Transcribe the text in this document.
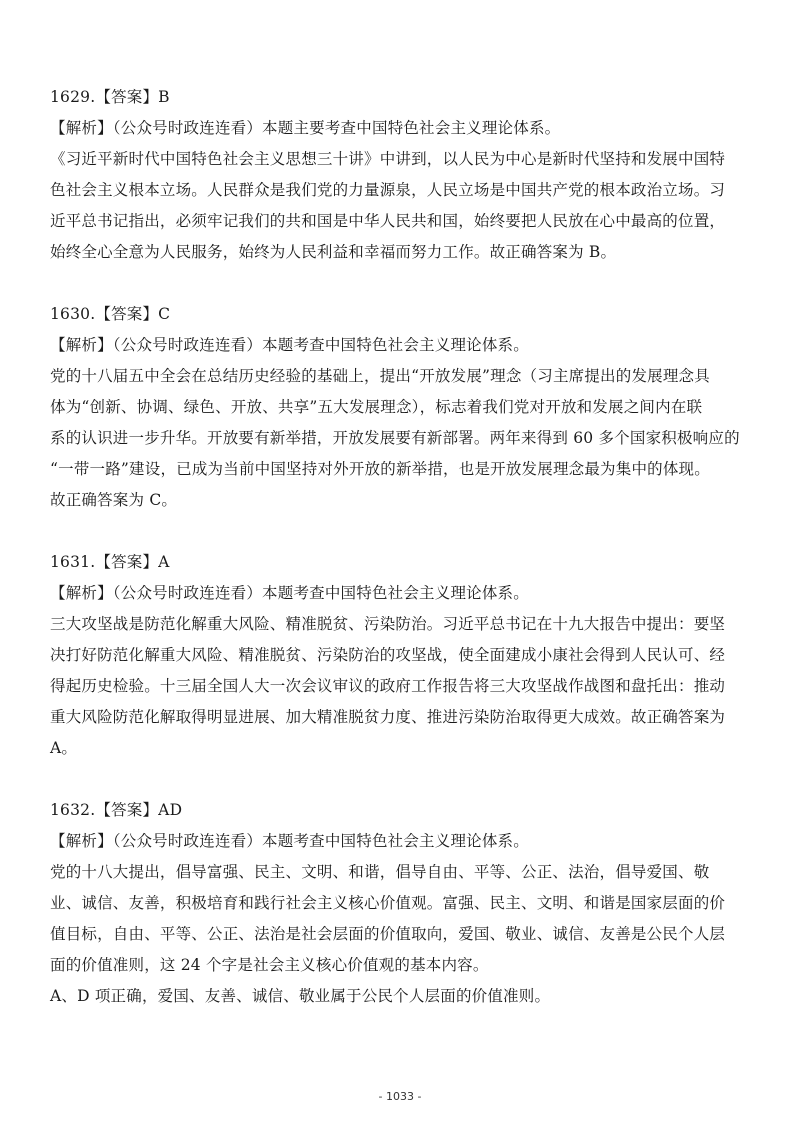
1629.【答案】B
【解析】（公众号时政连连看）本题主要考查中国特色社会主义理论体系。
《习近平新时代中国特色社会主义思想三十讲》中讲到，以人民为中心是新时代坚持和发展中国特
色社会主义根本立场。人民群众是我们党的力量源泉，人民立场是中国共产党的根本政治立场。习
近平总书记指出，必须牢记我们的共和国是中华人民共和国，始终要把人民放在心中最高的位置，
始终全心全意为人民服务，始终为人民利益和幸福而努力工作。故正确答案为 B。
1630.【答案】C
【解析】（公众号时政连连看）本题考查中国特色社会主义理论体系。
党的十八届五中全会在总结历史经验的基础上，提出“开放发展”理念（习主席提出的发展理念具
体为“创新、协调、绿色、开放、共享”五大发展理念），标志着我们党对开放和发展之间内在联
系的认识进一步升华。开放要有新举措，开放发展要有新部署。两年来得到 60 多个国家积极响应的
“一带一路”建设，已成为当前中国坚持对外开放的新举措，也是开放发展理念最为集中的体现。
故正确答案为 C。
1631.【答案】A
【解析】（公众号时政连连看）本题考查中国特色社会主义理论体系。
三大攻坚战是防范化解重大风险、精准脱贫、污染防治。习近平总书记在十九大报告中提出：要坚
决打好防范化解重大风险、精准脱贫、污染防治的攻坚战，使全面建成小康社会得到人民认可、经
得起历史检验。十三届全国人大一次会议审议的政府工作报告将三大攻坚战作战图和盘托出：推动
重大风险防范化解取得明显进展、加大精准脱贫力度、推进污染防治取得更大成效。故正确答案为
A。
1632.【答案】AD
【解析】（公众号时政连连看）本题考查中国特色社会主义理论体系。
党的十八大提出，倡导富强、民主、文明、和谐，倡导自由、平等、公正、法治，倡导爱国、敬
业、诚信、友善，积极培育和践行社会主义核心价值观。富强、民主、文明、和谐是国家层面的价
值目标，自由、平等、公正、法治是社会层面的价值取向，爱国、敬业、诚信、友善是公民个人层
面的价值准则，这 24 个字是社会主义核心价值观的基本内容。
A、D 项正确，爱国、友善、诚信、敬业属于公民个人层面的价值准则。
- 1033 -
